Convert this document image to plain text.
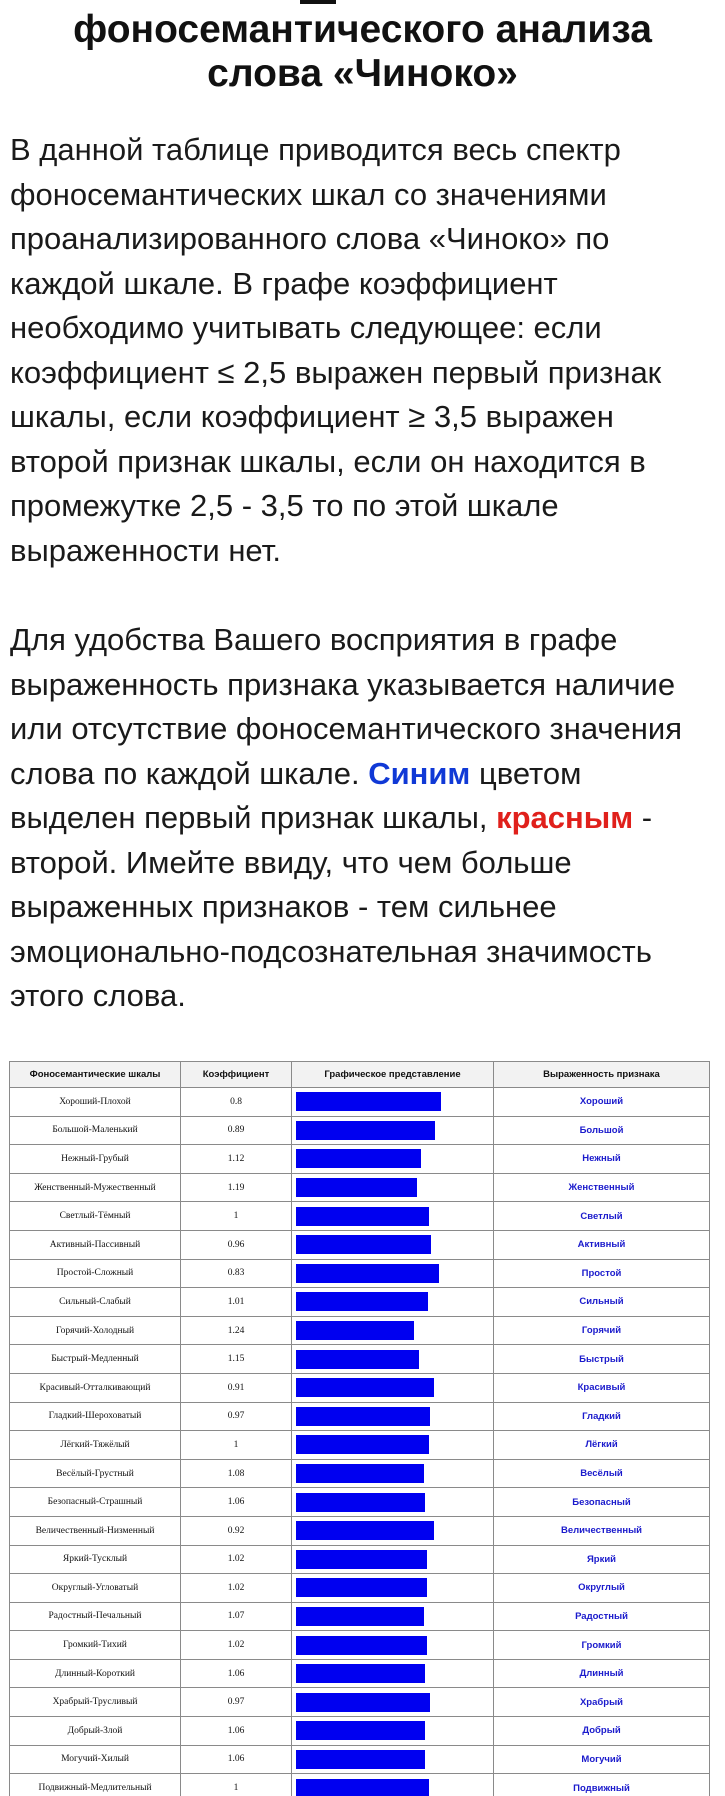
фоносемантического анализа слова «Чиноко»

В данной таблице приводится весь спектр фоносемантических шкал со значениями проанализированного слова «Чиноко» по каждой шкале. В графе коэффициент необходимо учитывать следующее: если коэффициент ≤ 2,5 выражен первый признак шкалы, если коэффициент ≥ 3,5 выражен второй признак шкалы, если он находится в промежутке 2,5 - 3,5 то по этой шкале выраженности нет.

Для удобства Вашего восприятия в графе выраженность признака указывается наличие или отсутствие фоносемантического значения слова по каждой шкале. Синим цветом выделен первый признак шкалы, красным - второй. Имейте ввиду, что чем больше выраженных признаков - тем сильнее эмоционально-подсознательная значимость этого слова.

Фоносемантические шкалы	Коэффициент	Графическое представление	Выраженность признака
Хороший-Плохой	0.8		Хороший
Большой-Маленький	0.89		Большой
Нежный-Грубый	1.12		Нежный
Женственный-Мужественный	1.19		Женственный
Светлый-Тёмный	1		Светлый
Активный-Пассивный	0.96		Активный
Простой-Сложный	0.83		Простой
Сильный-Слабый	1.01		Сильный
Горячий-Холодный	1.24		Горячий
Быстрый-Медленный	1.15		Быстрый
Красивый-Отталкивающий	0.91		Красивый
Гладкий-Шероховатый	0.97		Гладкий
Лёгкий-Тяжёлый	1		Лёгкий
Весёлый-Грустный	1.08		Весёлый
Безопасный-Страшный	1.06		Безопасный
Величественный-Низменный	0.92		Величественный
Яркий-Тусклый	1.02		Яркий
Округлый-Угловатый	1.02		Округлый
Радостный-Печальный	1.07		Радостный
Громкий-Тихий	1.02		Громкий
Длинный-Короткий	1.06		Длинный
Храбрый-Трусливый	0.97		Храбрый
Добрый-Злой	1.06		Добрый
Могучий-Хилый	1.06		Могучий
Подвижный-Медлительный	1		Подвижный
